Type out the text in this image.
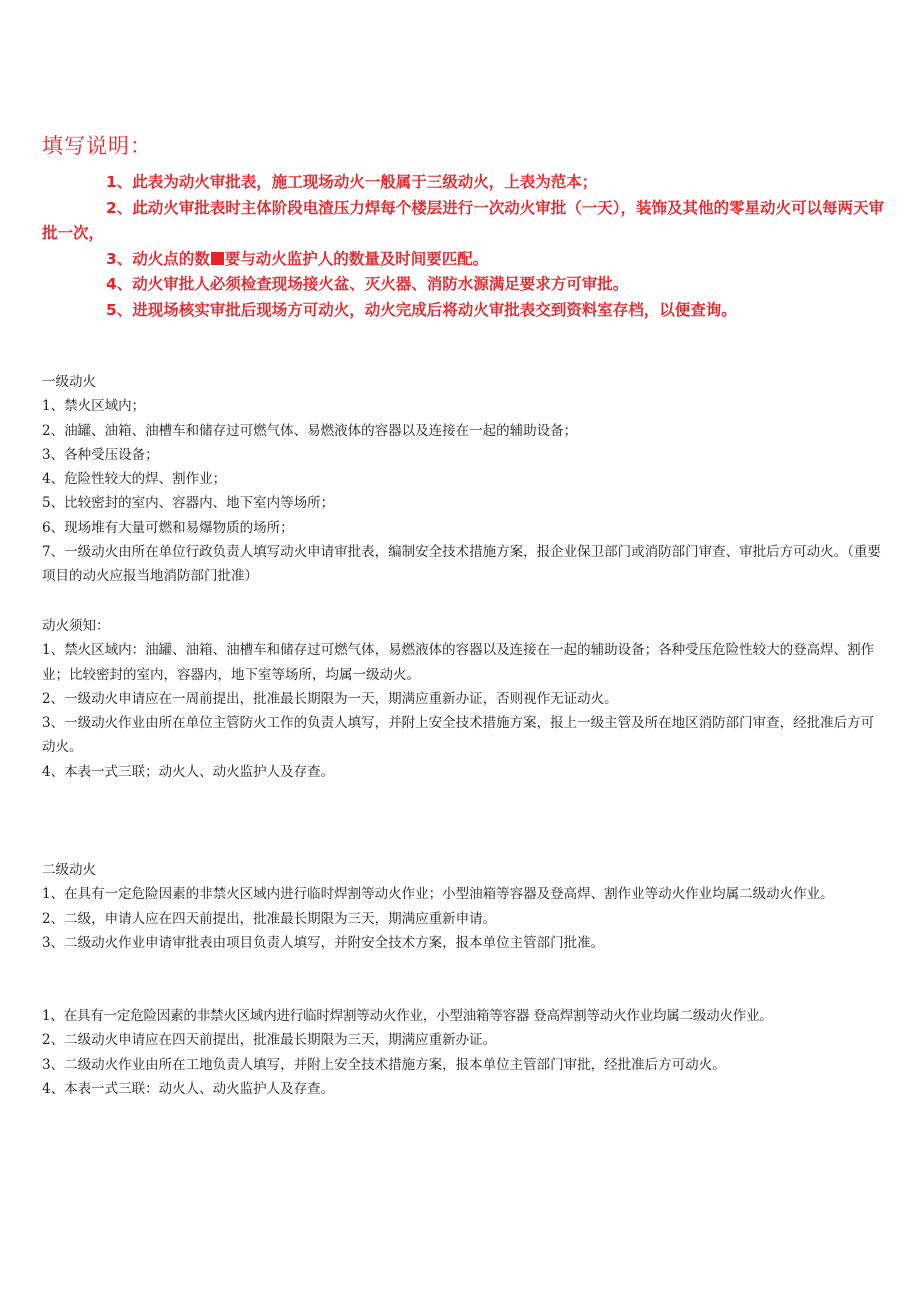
填写说明：

1、此表为动火审批表，施工现场动火一般属于三级动火，上表为范本；

2、此动火审批表时主体阶段电渣压力焊每个楼层进行一次动火审批（一天），装饰及其他的零星动火可以每两天审批一次，

3、动火点的数 要与动火监护人的数量及时间要匹配。

4、动火审批人必须检查现场接火盆、灭火器、消防水源满足要求方可审批。

5、进现场核实审批后现场方可动火，动火完成后将动火审批表交到资料室存档，以便查询。

一级动火

1、禁火区域内；

2、油罐、油箱、油槽车和储存过可燃气体、易燃液体的容器以及连接在一起的辅助设备；

3、各种受压设备；

4、危险性较大的焊、割作业；

5、比较密封的室内、容器内、地下室内等场所；

6、现场堆有大量可燃和易爆物质的场所；

7、一级动火由所在单位行政负责人填写动火申请审批表，编制安全技术措施方案，报企业保卫部门或消防部门审查、审批后方可动火。（重要项目的动火应报当地消防部门批准）

动火须知：

1、禁火区域内：油罐、油箱、油槽车和储存过可燃气体，易燃液体的容器以及连接在一起的辅助设备；各种受压危险性较大的登高焊、割作业；比较密封的室内，容器内，地下室等场所，均属一级动火。

2、一级动火申请应在一周前提出，批准最长期限为一天，期满应重新办证，否则视作无证动火。

3、一级动火作业由所在单位主管防火工作的负责人填写，并附上安全技术措施方案，报上一级主管及所在地区消防部门审查，经批准后方可动火。

4、本表一式三联；动火人、动火监护人及存查。

二级动火

1、在具有一定危险因素的非禁火区域内进行临时焊割等动火作业；小型油箱等容器及登高焊、割作业等动火作业均属二级动火作业。

2、二级，申请人应在四天前提出，批准最长期限为三天，期满应重新申请。

3、二级动火作业申请审批表由项目负责人填写，并附安全技术方案，报本单位主管部门批准。

1、在具有一定危险因素的非禁火区域内进行临时焊割等动火作业，小型油箱等容器 登高焊割等动火作业均属二级动火作业。

2、二级动火申请应在四天前提出，批准最长期限为三天，期满应重新办证。

3、二级动火作业由所在工地负责人填写，并附上安全技术措施方案，报本单位主管部门审批，经批准后方可动火。

4、本表一式三联：动火人、动火监护人及存查。
